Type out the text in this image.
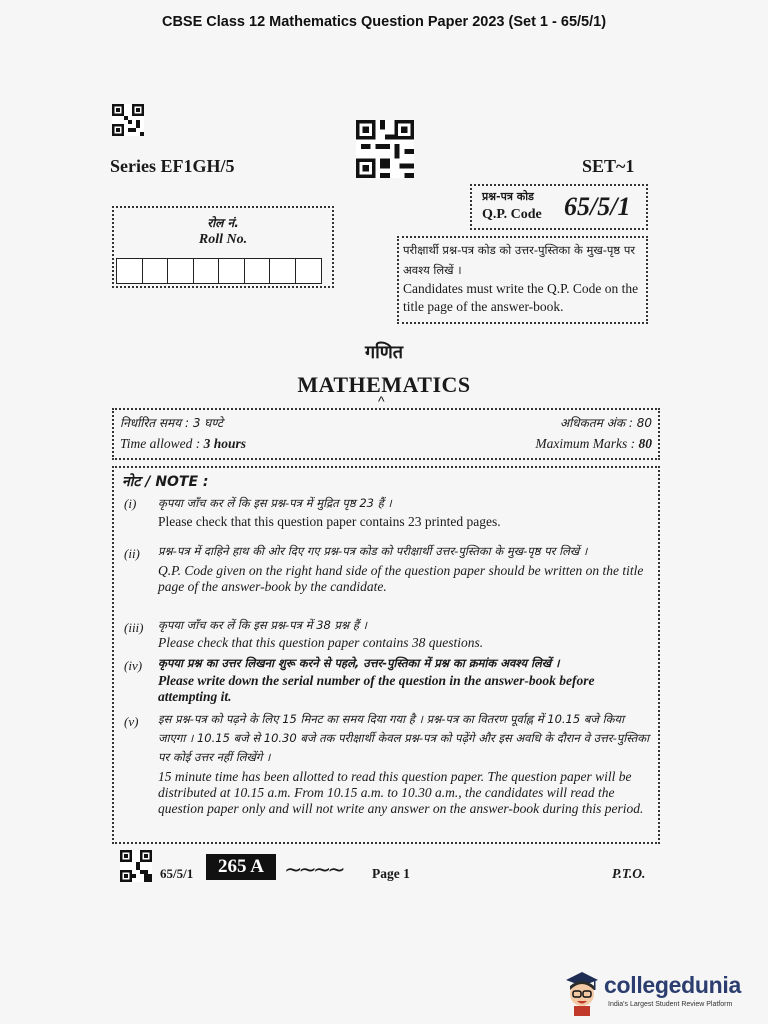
CBSE Class 12 Mathematics Question Paper 2023 (Set 1 - 65/5/1)
Series EF1GH/5	SET~1
प्रश्न-पत्र कोड
Q.P. Code 65/5/1
रोल नं.
Roll No.
परीक्षार्थी प्रश्न-पत्र कोड को उत्तर-पुस्तिका के मुख-पृष्ठ पर अवश्य लिखें ।
Candidates must write the Q.P. Code on the title page of the answer-book.
गणित
MATHEMATICS
^
निर्धारित समय : 3 घण्टे	अधिकतम अंक : 80
Time allowed : 3 hours	Maximum Marks : 80
नोट / NOTE :
(i) कृपया जाँच कर लें कि इस प्रश्न-पत्र में मुद्रित पृष्ठ 23 हैं ।
Please check that this question paper contains 23 printed pages.
(ii) प्रश्न-पत्र में दाहिने हाथ की ओर दिए गए प्रश्न-पत्र कोड को परीक्षार्थी उत्तर-पुस्तिका के मुख-पृष्ठ पर लिखें ।
Q.P. Code given on the right hand side of the question paper should be written on the title page of the answer-book by the candidate.
(iii) कृपया जाँच कर लें कि इस प्रश्न-पत्र में 38 प्रश्न हैं ।
Please check that this question paper contains 38 questions.
(iv) कृपया प्रश्न का उत्तर लिखना शुरू करने से पहले, उत्तर-पुस्तिका में प्रश्न का क्रमांक अवश्य लिखें ।
Please write down the serial number of the question in the answer-book before attempting it.
(v) इस प्रश्न-पत्र को पढ़ने के लिए 15 मिनट का समय दिया गया है । प्रश्न-पत्र का वितरण पूर्वाह्न में 10.15 बजे किया जाएगा । 10.15 बजे से 10.30 बजे तक परीक्षार्थी केवल प्रश्न-पत्र को पढ़ेंगे और इस अवधि के दौरान वे उत्तर-पुस्तिका पर कोई उत्तर नहीं लिखेंगे ।
15 minute time has been allotted to read this question paper. The question paper will be distributed at 10.15 a.m. From 10.15 a.m. to 10.30 a.m., the candidates will read the question paper only and will not write any answer on the answer-book during this period.
65/5/1	265 A ~~~~ Page 1	P.T.O.
collegedunia
India's Largest Student Review Platform
